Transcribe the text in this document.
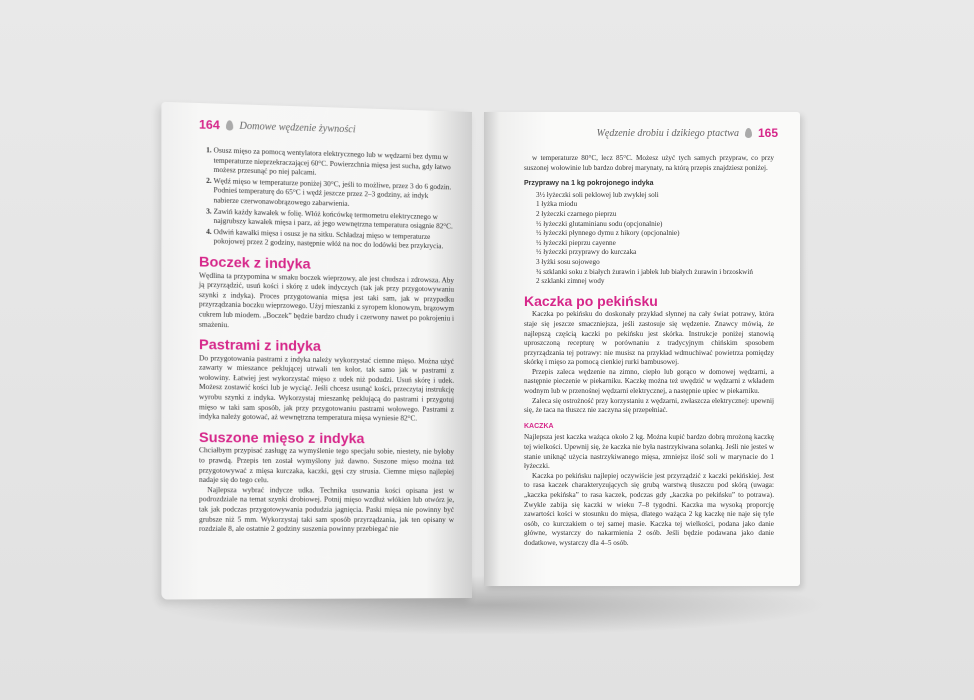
164 Domowe wędzenie żywności
1. Osusz mięso za pomocą wentylatora elektrycznego lub w wędzarni bez dymu w temperaturze nieprzekraczającej 60°C. Powierzchnia mięsa jest sucha, gdy łatwo możesz przesunąć po niej palcami.
2. Wędź mięso w temperaturze poniżej 30°C, jeśli to możliwe, przez 3 do 6 godzin. Podnieś temperaturę do 65°C i wędź jeszcze przez 2–3 godziny, aż indyk nabierze czerwonawobrązowego zabarwienia.
3. Zawiń każdy kawałek w folię. Włóż końcówkę termometru elektrycznego w najgrubszy kawałek mięsa i parz, aż jego wewnętrzna temperatura osiągnie 82°C.
4. Odwiń kawałki mięsa i osusz je na sitku. Schładzaj mięso w temperaturze pokojowej przez 2 godziny, następnie włóż na noc do lodówki bez przykrycia.
Boczek z indyka

Wędlina ta przypomina w smaku boczek wieprzowy, ale jest chudsza i zdrowsza. Aby ją przyrządzić, usuń kości i skórę z udek indyczych (tak jak przy przygotowywaniu szynki z indyka). Proces przygotowania mięsa jest taki sam, jak w przypadku przyrządzania boczku wieprzowego. Użyj mieszanki z syropem klonowym, brązowym cukrem lub miodem. „Boczek” będzie bardzo chudy i czerwony nawet po pokrojeniu i smażeniu.

Pastrami z indyka

Do przygotowania pastrami z indyka należy wykorzystać ciemne mięso. Można użyć zawarty w mieszance peklującej utrwali ten kolor, tak samo jak w pastrami z wołowiny. Łatwiej jest wykorzystać mięso z udek niż podudzi. Usuń skórę i udek. Możesz zostawić kości lub je wyciąć. Jeśli chcesz usunąć kości, przeczytaj instrukcję wyrobu szynki z indyka. Wykorzystaj mieszankę peklującą do pastrami i przygotuj mięso w taki sam sposób, jak przy przygotowaniu pastrami wołowego. Pastrami z indyka należy gotować, aż wewnętrzna temperatura mięsa wyniesie 82°C.

Suszone mięso z indyka

Chciałbym przypisać zasługę za wymyślenie tego specjału sobie, niestety, nie byłoby to prawdą. Przepis ten został wymyślony już dawno. Suszone mięso można też przygotowywać z mięsa kurczaka, kaczki, gęsi czy strusia. Ciemne mięso najlepiej nadaje się do tego celu.

Najlepsza wybrać indycze udka. Technika usuwania kości opisana jest w podrozdziale na temat szynki drobiowej. Potnij mięso wzdłuż włókien lub otwórz je, tak jak podczas przygotowywania podudzia jagnięcia. Paski mięsa nie powinny być grubsze niż 5 mm. Wykorzystaj taki sam sposób przyrządzania, jak ten opisany w rozdziale 8, ale ostatnie 2 godziny suszenia powinny przebiegać nie

Wędzenie drobiu i dzikiego ptactwa 165

w temperaturze 80°C, lecz 85°C. Możesz użyć tych samych przypraw, co przy suszonej wołowinie lub bardzo dobrej marynaty, na którą przepis znajdziesz poniżej.

Przyprawy na 1 kg pokrojonego indyka
3½ łyżeczki soli peklowej lub zwykłej soli
1 łyżka miodu
2 łyżeczki czarnego pieprzu
½ łyżeczki glutaminianu sodu (opcjonalnie)
½ łyżeczki płynnego dymu z hikory (opcjonalnie)
½ łyżeczki pieprzu cayenne
½ łyżeczki przyprawy do kurczaka
3 łyżki sosu sojowego
¾ szklanki soku z białych żurawin i jabłek lub białych żurawin i brzoskwiń
2 szklanki zimnej wody
Kaczka po pekińsku

Kaczka po pekińsku do doskonały przykład słynnej na cały świat potrawy, która staje się jeszcze smaczniejsza, jeśli zastosuje się wędzenie. Znawcy mówią, że najlepszą częścią kaczki po pekińsku jest skórka. Instrukcje poniżej stanowią uproszczoną recepturę w porównaniu z tradycyjnym chińskim sposobem przyrządzania tej potrawy: nie musisz na przykład wdmuchiwać powietrza pomiędzy skórkę i mięso za pomocą cienkiej rurki bambusowej.

Przepis zaleca wędzenie na zimno, ciepło lub gorąco w domowej wędzarni, a następnie pieczenie w piekarniku. Kaczkę można też uwędzić w wędzarni z wkładem wodnym lub w przenośnej wędzarni elektrycznej, a następnie upiec w piekarniku.

Zaleca się ostrożność przy korzystaniu z wędzarni, zwłaszcza elektrycznej: upewnij się, że taca na tłuszcz nie zaczyna się przepełniać.

KACZKA

Najlepsza jest kaczka ważąca około 2 kg. Można kupić bardzo dobrą mrożoną kaczkę tej wielkości. Upewnij się, że kaczka nie była nastrzykiwana solanką. Jeśli nie jesteś w stanie uniknąć użycia nastrzykiwanego mięsa, zmniejsz ilość soli w marynacie do 1 łyżeczki.

Kaczka po pekińsku najlepiej oczywiście jest przyrządzić z kaczki pekińskiej. Jest to rasa kaczek charakteryzujących się grubą warstwą tłuszczu pod skórą (uwaga: „kaczka pekińska” to rasa kaczek, podczas gdy „kaczka po pekińsku” to potrawa). Zwykle zabija się kaczki w wieku 7–8 tygodni. Kaczka ma wysoką proporcję zawartości kości w stosunku do mięsa, dlatego ważąca 2 kg kaczkę nie naje się tyle osób, co kurczakiem o tej samej masie. Kaczka tej wielkości, podana jako danie główne, wystarczy do nakarmienia 2 osób. Jeśli będzie podawana jako danie dodatkowe, wystarczy dla 4–5 osób.
